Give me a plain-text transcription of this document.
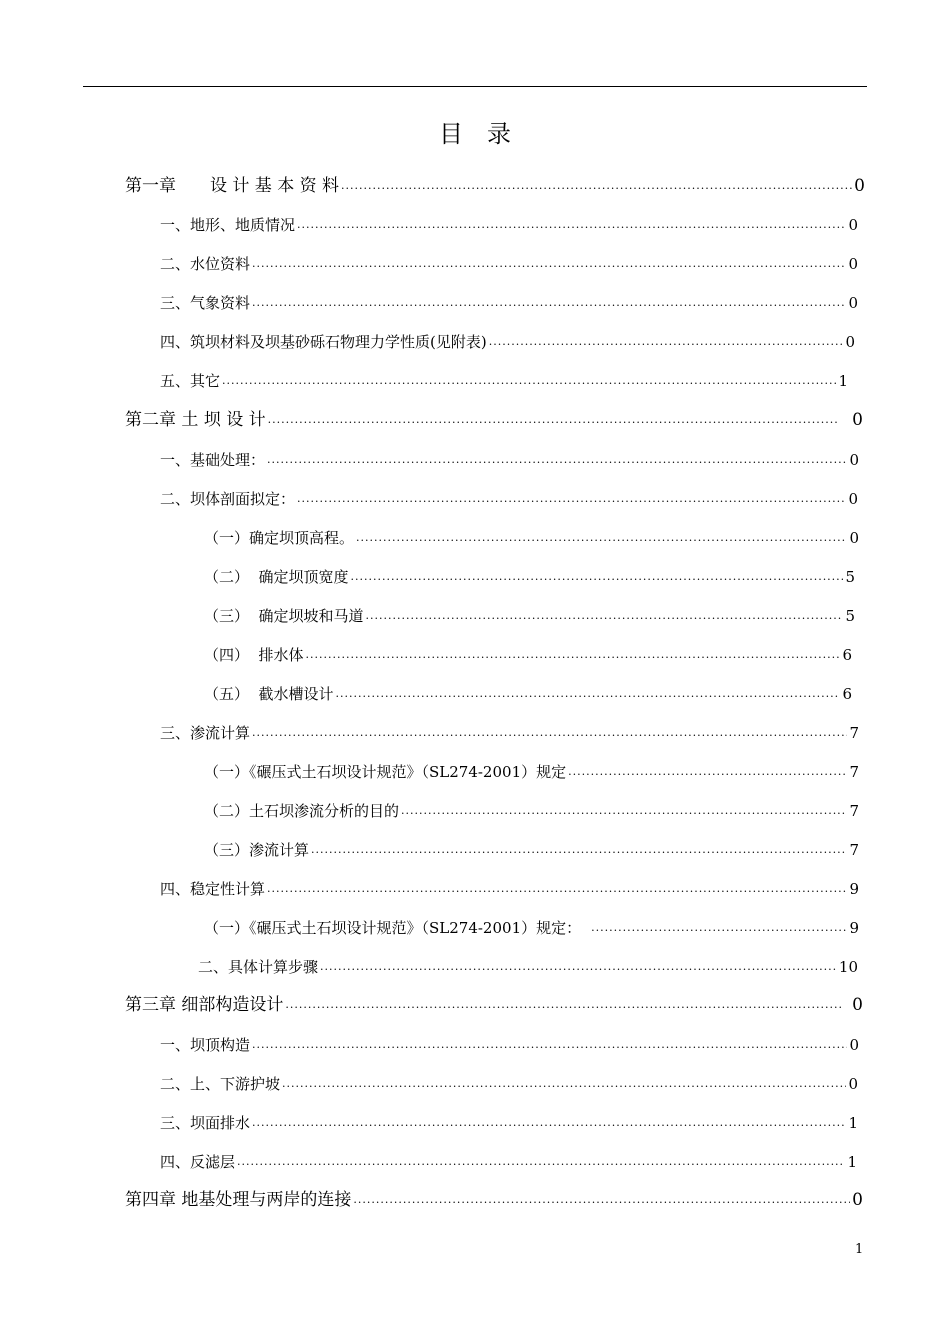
目录
第一章　　设 计 基 本 资 料 .....	0
一、地形、地质情况 .....	0
二、水位资料 .....	0
三、气象资料 .....	0
四、筑坝材料及坝基砂砾石物理力学性质(见附表) .....	0
五、其它 .....	1
第二章 土 坝 设 计 .....	0
一、基础处理： .....	0
二、坝体剖面拟定： .....	0
（一）确定坝顶高程。 .....	0
（二）  确定坝顶宽度 .....	5
（三）  确定坝坡和马道 .....	5
（四）  排水体 .....	6
（五）  截水槽设计 .....	6
三、渗流计算 .....	7
（一）《碾压式土石坝设计规范》（SL274-2001）规定 .....	7
（二）土石坝渗流分析的目的 .....	7
（三）渗流计算 .....	7
四、稳定性计算 .....	9
（一）《碾压式土石坝设计规范》（SL274-2001）规定： .....	9
二、具体计算步骤 .....	10
第三章 细部构造设计 .....	0
一、坝顶构造 .....	0
二、上、下游护坡 .....	0
三、坝面排水 .....	1
四、反滤层 .....	1
第四章 地基处理与两岸的连接 .....	0
1
